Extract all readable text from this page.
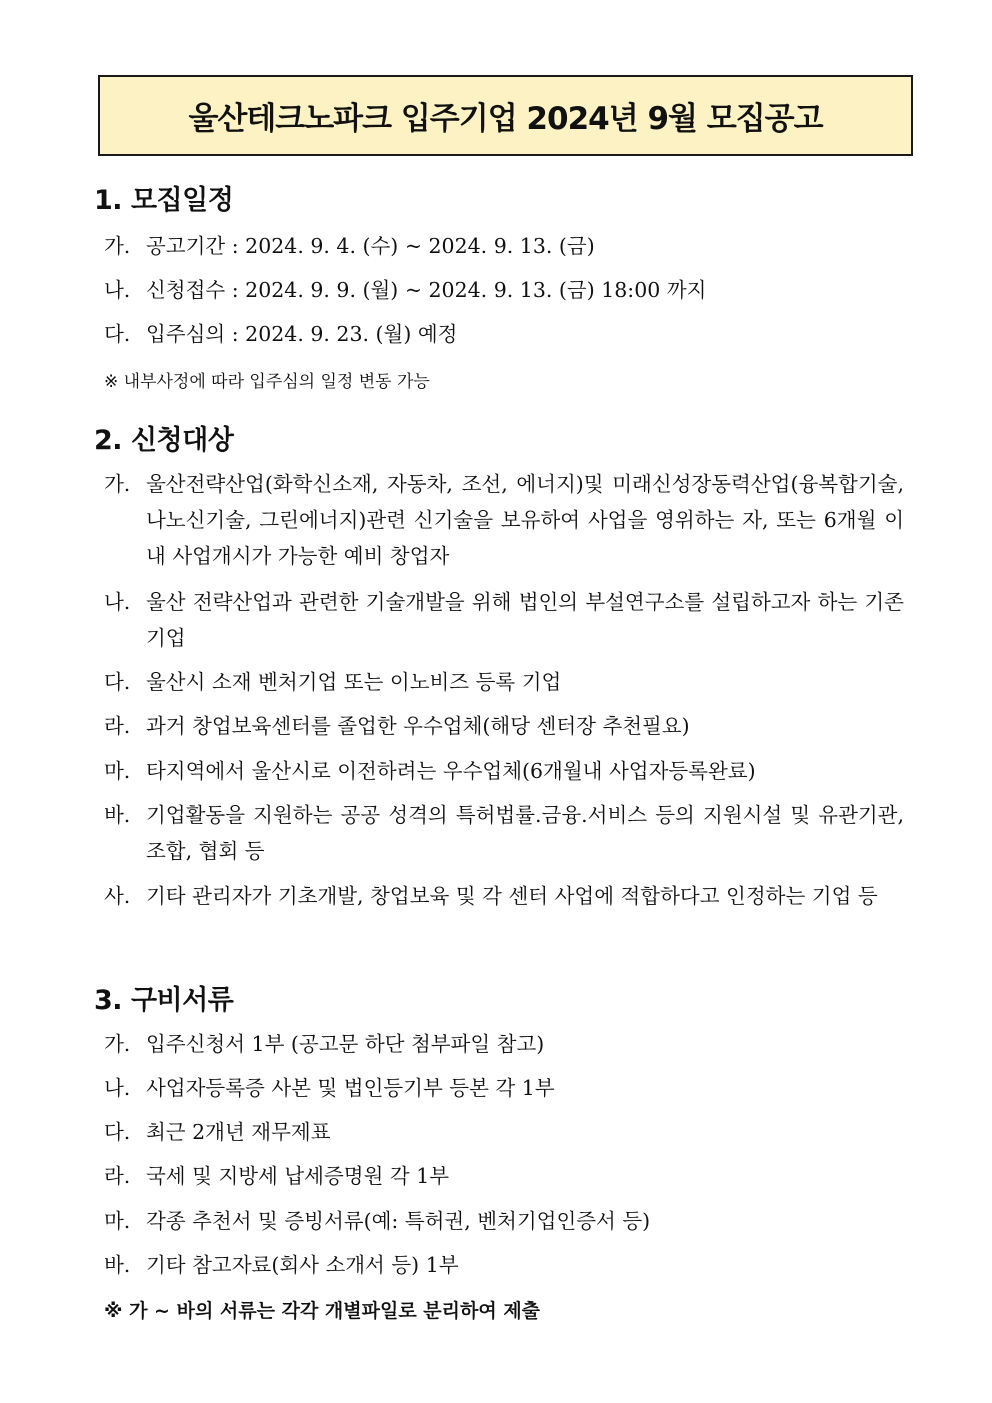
울산테크노파크 입주기업 2024년 9월 모집공고
1. 모집일정
가. 공고기간 : 2024. 9. 4. (수) ~ 2024. 9. 13. (금)
나. 신청접수 : 2024. 9. 9. (월) ~ 2024. 9. 13. (금) 18:00 까지
다. 입주심의 : 2024. 9. 23. (월) 예정
※ 내부사정에 따라 입주심의 일정 변동 가능
2. 신청대상
가. 울산전략산업(화학신소재, 자동차, 조선, 에너지)및 미래신성장동력산업(융복합기술, 나노신기술, 그린에너지)관련 신기술을 보유하여 사업을 영위하는 자, 또는 6개월 이내 사업개시가 가능한 예비 창업자
나. 울산 전략산업과 관련한 기술개발을 위해 법인의 부설연구소를 설립하고자 하는 기존 기업
다. 울산시 소재 벤처기업 또는 이노비즈 등록 기업
라. 과거 창업보육센터를 졸업한 우수업체(해당 센터장 추천필요)
마. 타지역에서 울산시로 이전하려는 우수업체(6개월내 사업자등록완료)
바. 기업활동을 지원하는 공공 성격의 특허법률.금융.서비스 등의 지원시설 및 유관기관, 조합, 협회 등
사. 기타 관리자가 기초개발, 창업보육 및 각 센터 사업에 적합하다고 인정하는 기업 등
3. 구비서류
가. 입주신청서 1부 (공고문 하단 첨부파일 참고)
나. 사업자등록증 사본 및 법인등기부 등본 각 1부
다. 최근 2개년 재무제표
라. 국세 및 지방세 납세증명원 각 1부
마. 각종 추천서 및 증빙서류(예: 특허권, 벤처기업인증서 등)
바. 기타 참고자료(회사 소개서 등) 1부
※ 가 ~ 바의 서류는 각각 개별파일로 분리하여 제출
